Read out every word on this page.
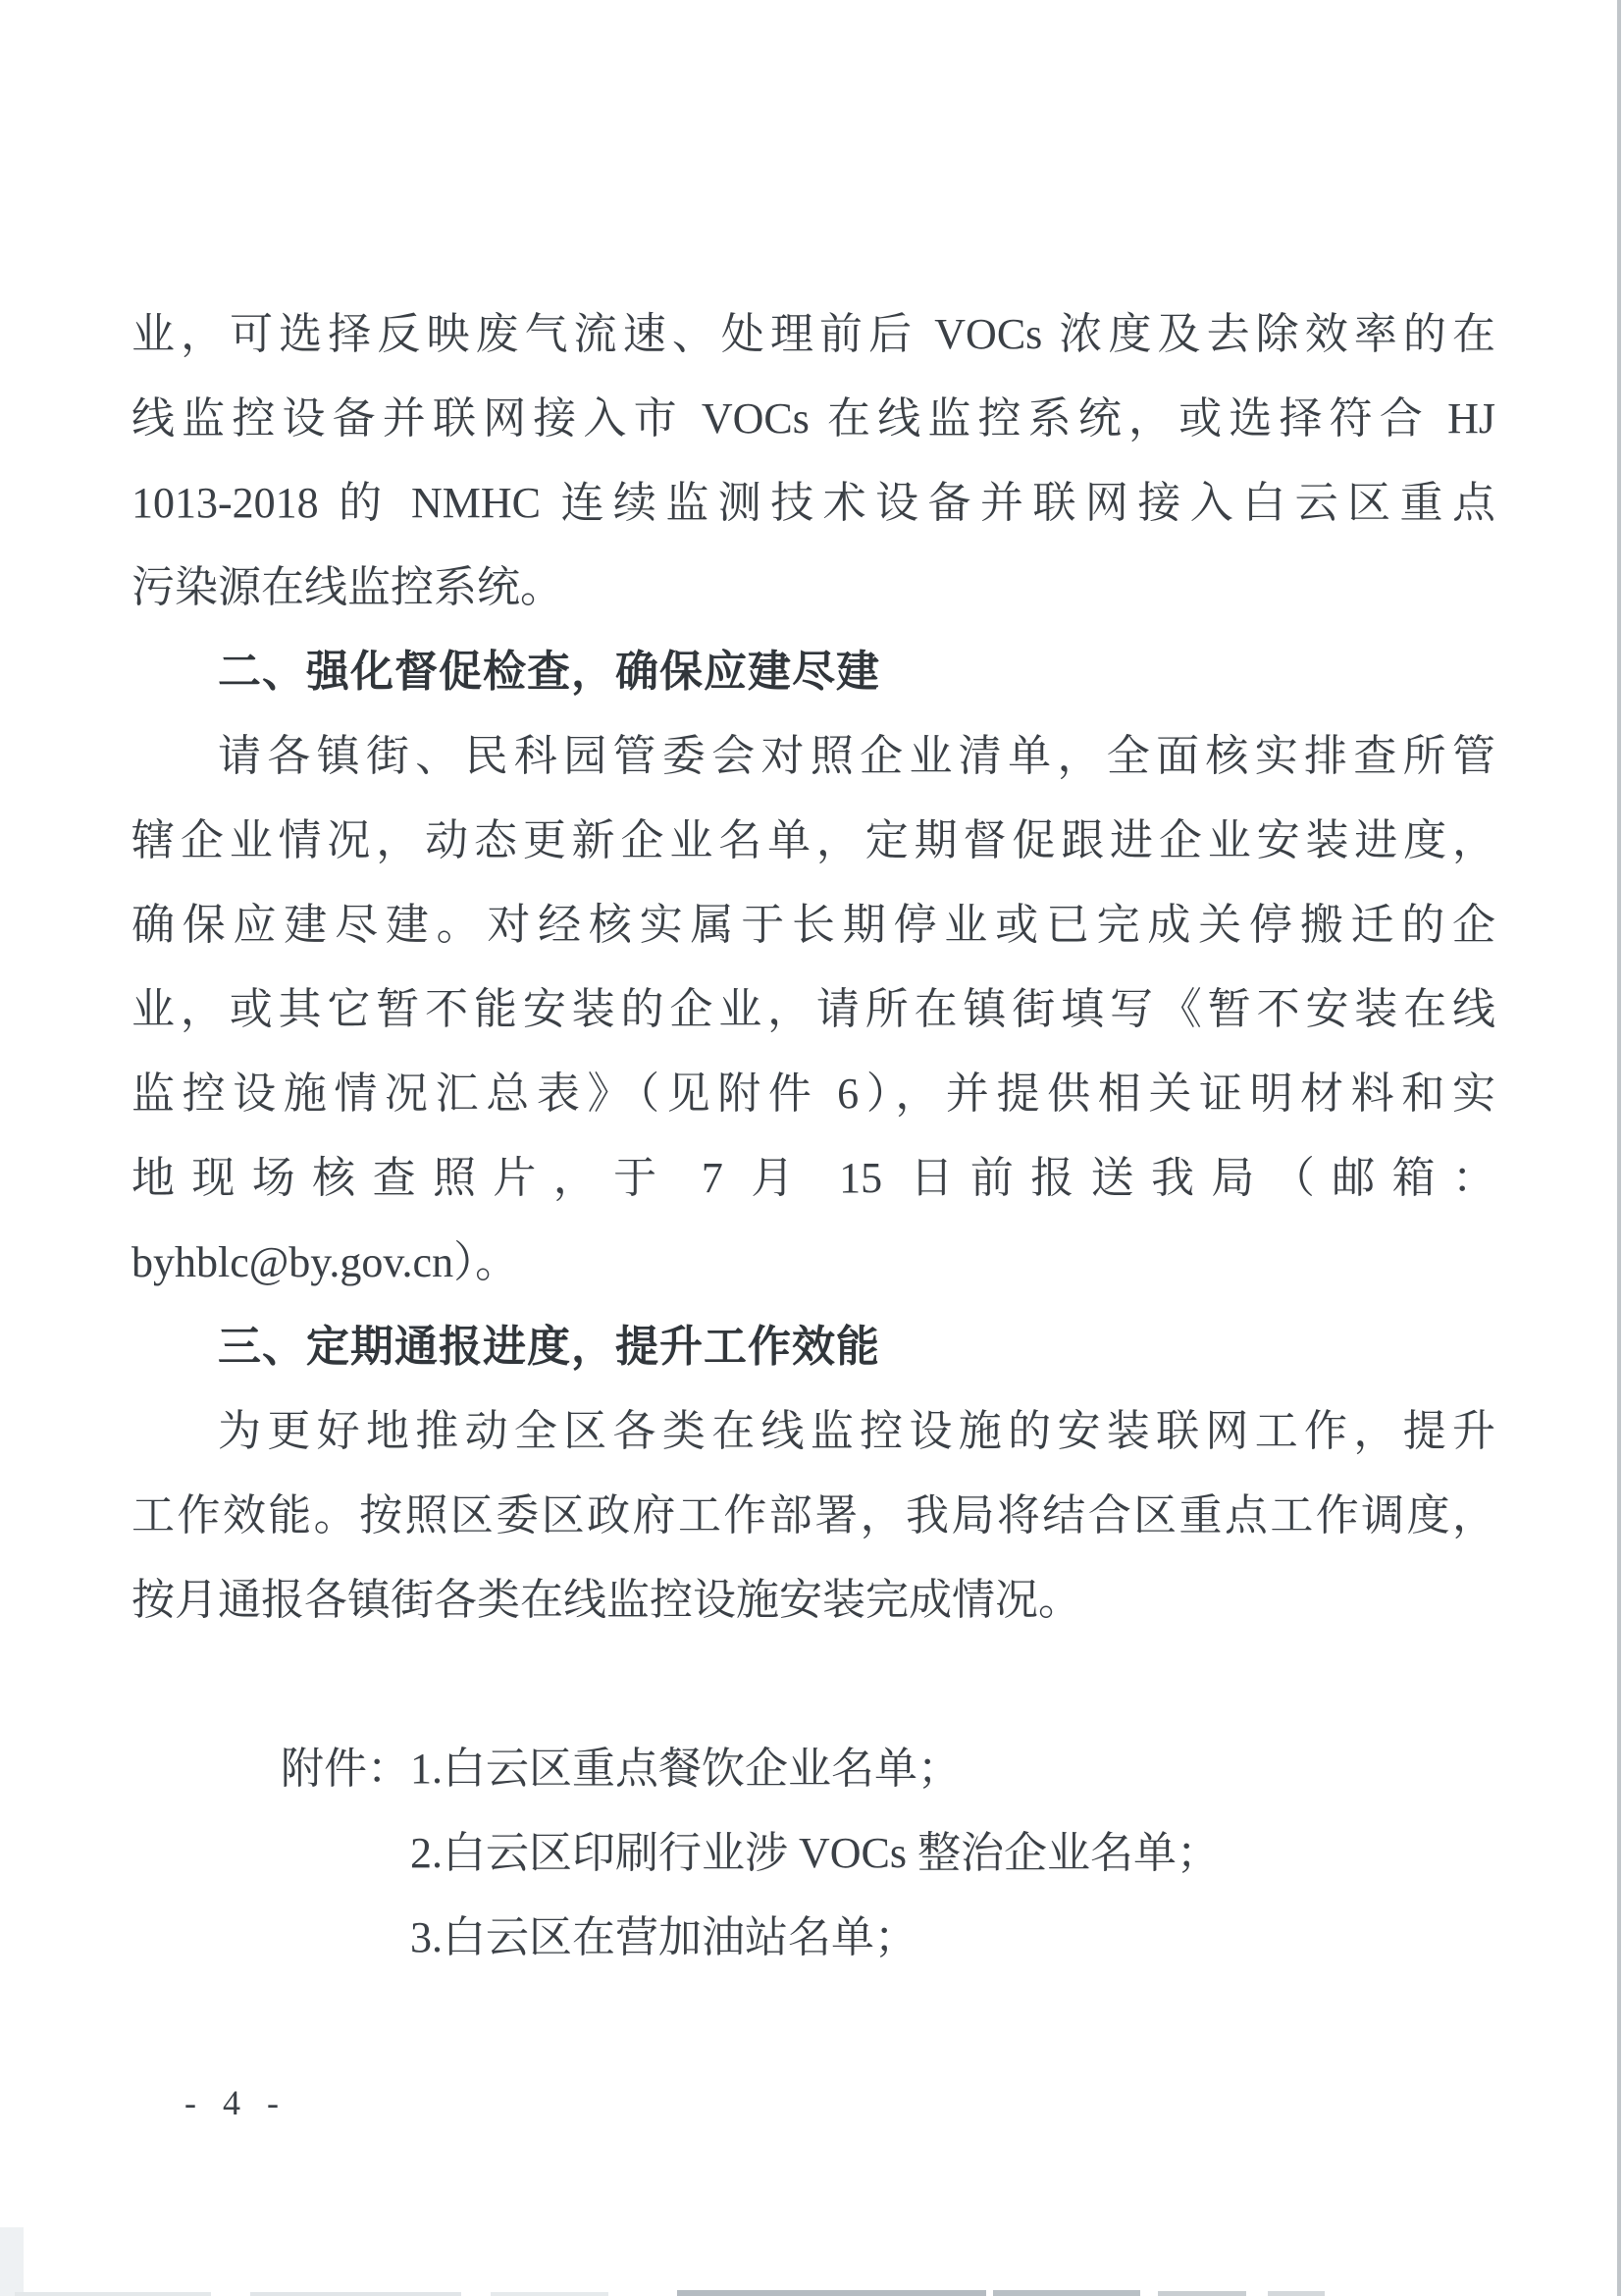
业，可选择反映废气流速、处理前后 VOCs 浓度及去除效率的在
线监控设备并联网接入市 VOCs 在线监控系统，或选择符合 HJ
1013-2018 的 NMHC 连续监测技术设备并联网接入白云区重点
污染源在线监控系统。
二、强化督促检查，确保应建尽建
请各镇街、民科园管委会对照企业清单，全面核实排查所管
辖企业情况，动态更新企业名单，定期督促跟进企业安装进度，
确保应建尽建。对经核实属于长期停业或已完成关停搬迁的企
业，或其它暂不能安装的企业，请所在镇街填写《暂不安装在线
监控设施情况汇总表》（见附件 6），并提供相关证明材料和实
地现场核查照片，于 7 月 15 日前报送我局（邮箱：
byhblc@by.gov.cn）。
三、定期通报进度，提升工作效能
为更好地推动全区各类在线监控设施的安装联网工作，提升
工作效能。按照区委区政府工作部署，我局将结合区重点工作调度，
按月通报各镇街各类在线监控设施安装完成情况。
附件：1.白云区重点餐饮企业名单；
2.白云区印刷行业涉 VOCs 整治企业名单；
3.白云区在营加油站名单；
- 4 -
